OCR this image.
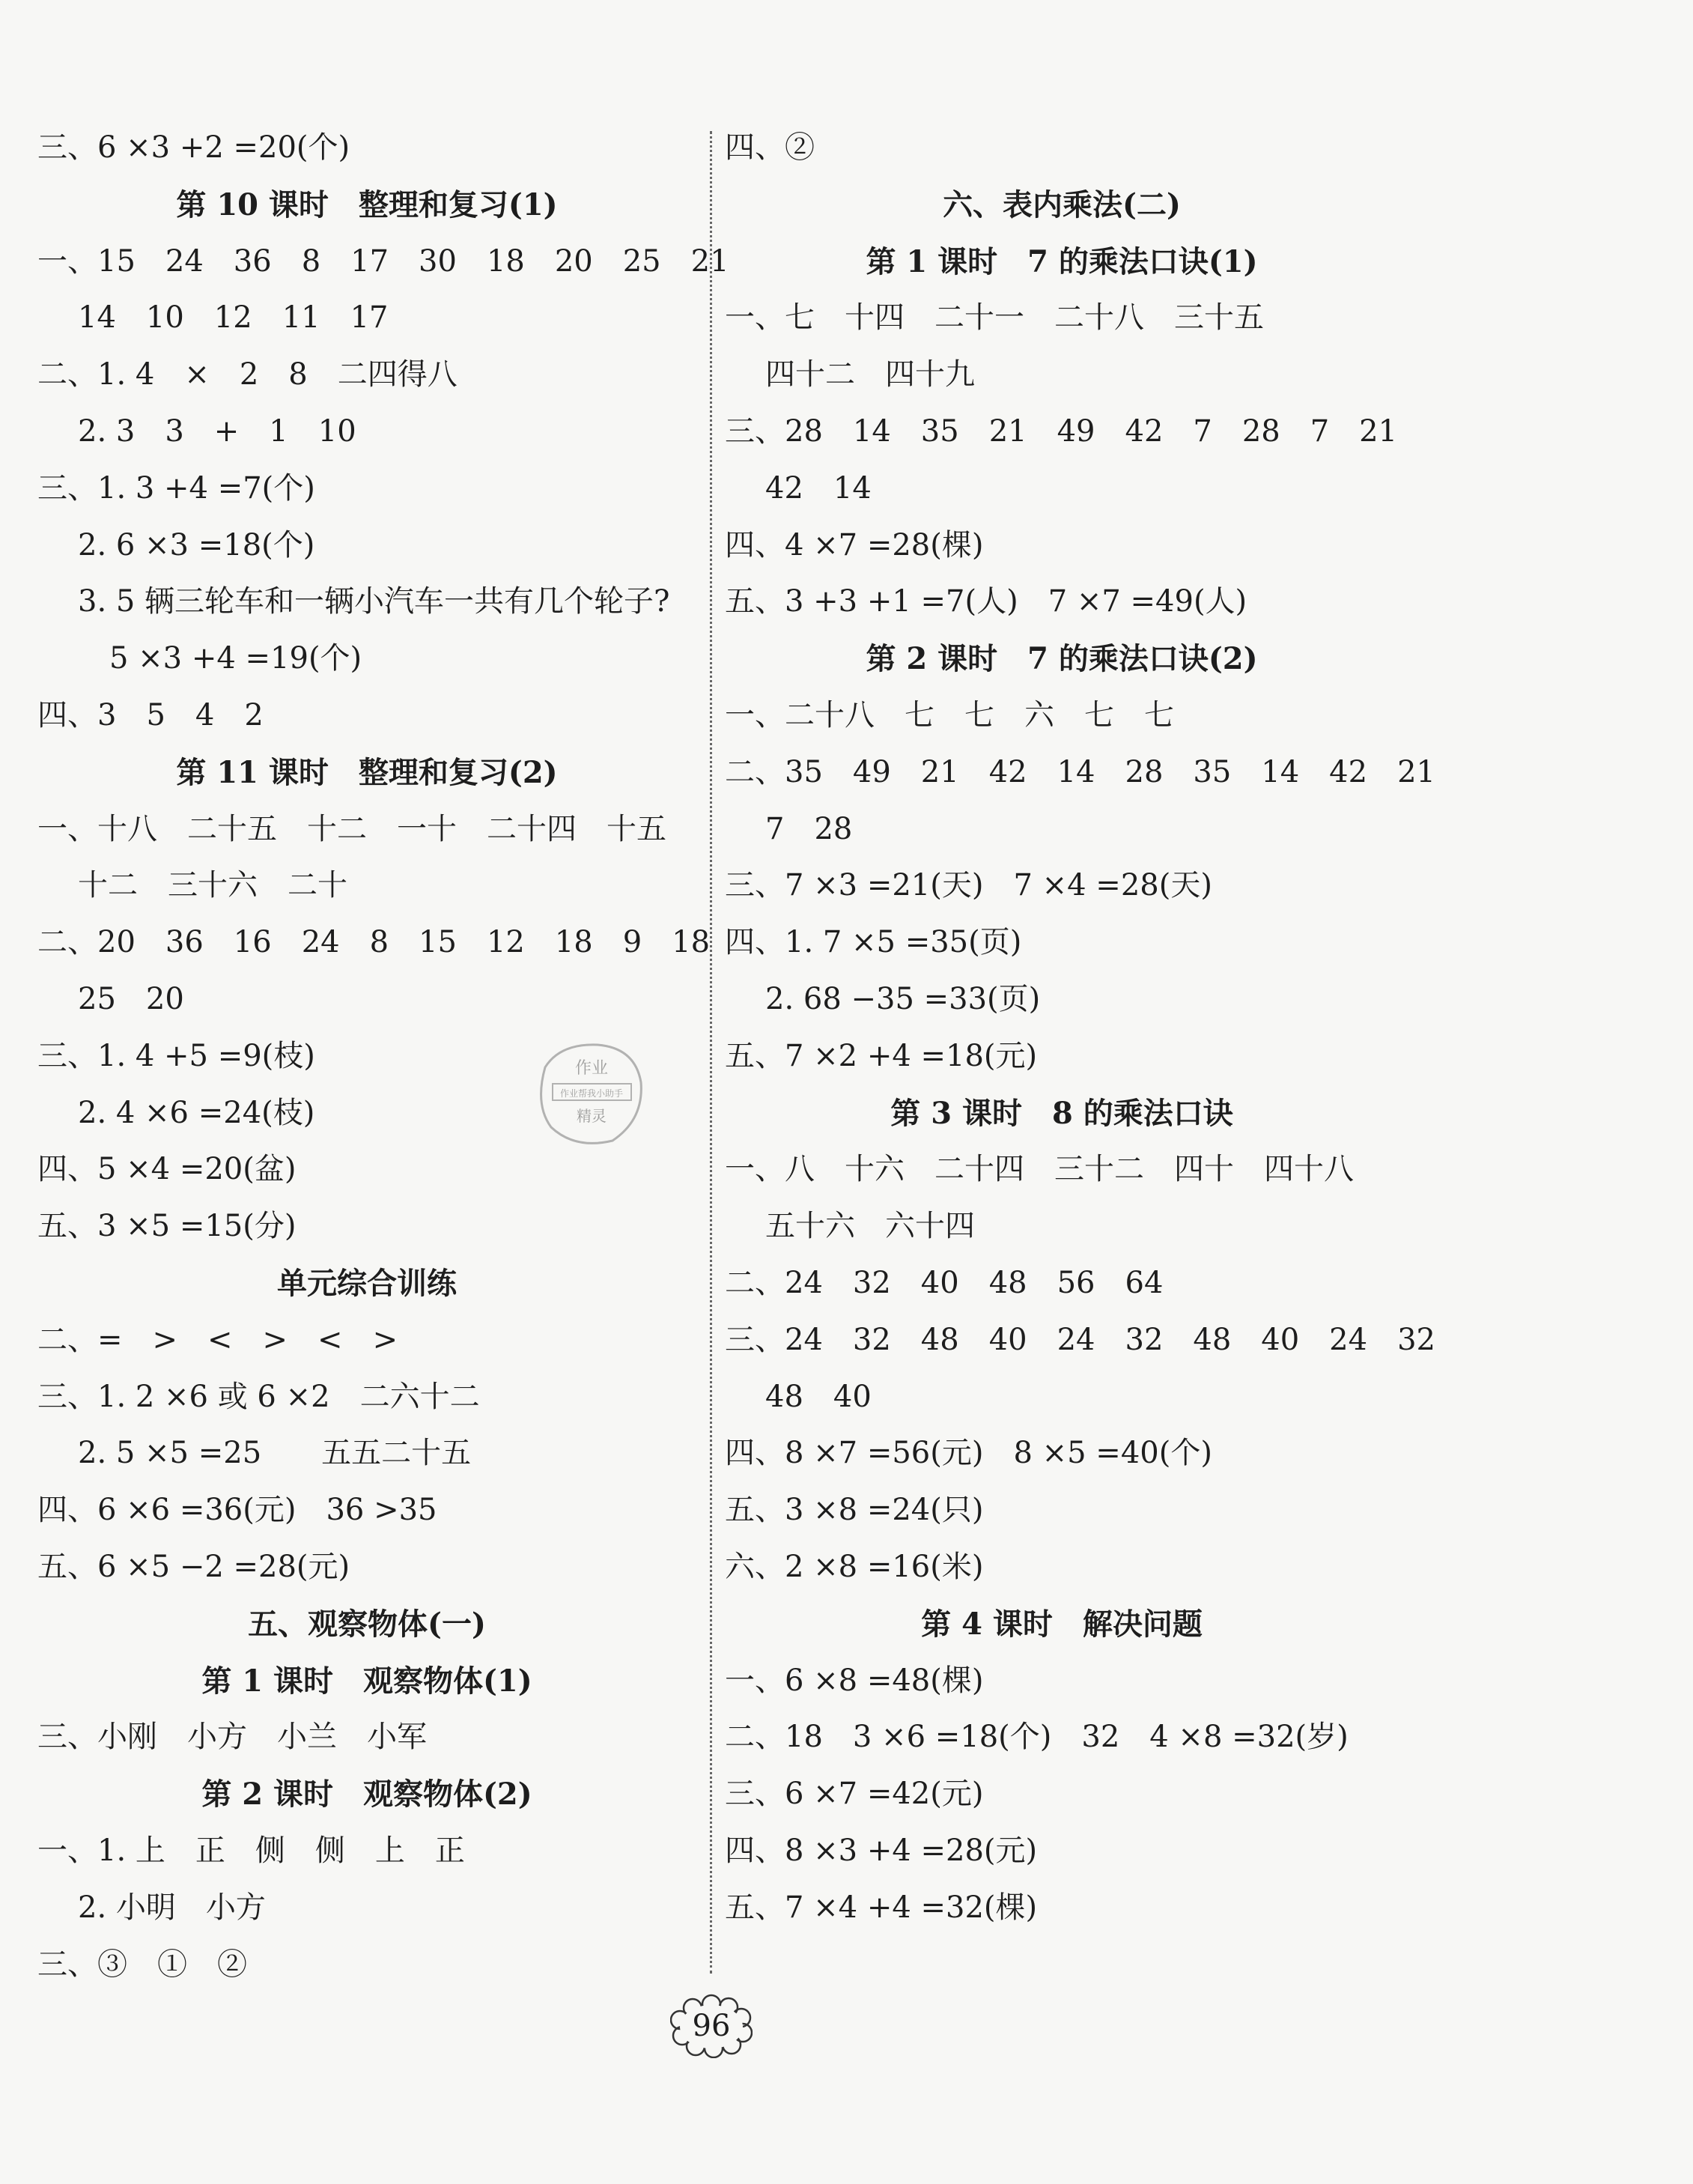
三、6 ×3 +2 =20(个)
第 10 课时　整理和复习(1)
一、15　24　36　8　17　30　18　20　25　21
14　10　12　11　17
二、1. 4　×　2　8　二四得八
2. 3　3　+　1　10
三、1. 3 +4 =7(个)
2. 6 ×3 =18(个)
3. 5 辆三轮车和一辆小汽车一共有几个轮子?
5 ×3 +4 =19(个)
四、3　5　4　2
第 11 课时　整理和复习(2)
一、十八　二十五　十二　一十　二十四　十五
十二　三十六　二十
二、20　36　16　24　8　15　12　18　9　18
25　20
三、1. 4 +5 =9(枝)
2. 4 ×6 =24(枝)
四、5 ×4 =20(盆)
五、3 ×5 =15(分)
单元综合训练
二、=　>　<　>　<　>
三、1. 2 ×6 或 6 ×2　二六十二
2. 5 ×5 =25　　五五二十五
四、6 ×6 =36(元)　36 >35
五、6 ×5 −2 =28(元)
五、观察物体(一)
第 1 课时　观察物体(1)
三、小刚　小方　小兰　小军
第 2 课时　观察物体(2)
一、1. 上　正　侧　侧　上　正
2. 小明　小方
三、③　①　②
四、②
六、表内乘法(二)
第 1 课时　7 的乘法口诀(1)
一、七　十四　二十一　二十八　三十五
四十二　四十九
三、28　14　35　21　49　42　7　28　7　21
42　14
四、4 ×7 =28(棵)
五、3 +3 +1 =7(人)　7 ×7 =49(人)
第 2 课时　7 的乘法口诀(2)
一、二十八　七　七　六　七　七
二、35　49　21　42　14　28　35　14　42　21
7　28
三、7 ×3 =21(天)　7 ×4 =28(天)
四、1. 7 ×5 =35(页)
2. 68 −35 =33(页)
五、7 ×2 +4 =18(元)
第 3 课时　8 的乘法口诀
一、八　十六　二十四　三十二　四十　四十八
五十六　六十四
二、24　32　40　48　56　64
三、24　32　48　40　24　32　48　40　24　32
48　40
四、8 ×7 =56(元)　8 ×5 =40(个)
五、3 ×8 =24(只)
六、2 ×8 =16(米)
第 4 课时　解决问题
一、6 ×8 =48(棵)
二、18　3 ×6 =18(个)　32　4 ×8 =32(岁)
三、6 ×7 =42(元)
四、8 ×3 +4 =28(元)
五、7 ×4 +4 =32(棵)
作业
作业帮我小助手
精灵
96
